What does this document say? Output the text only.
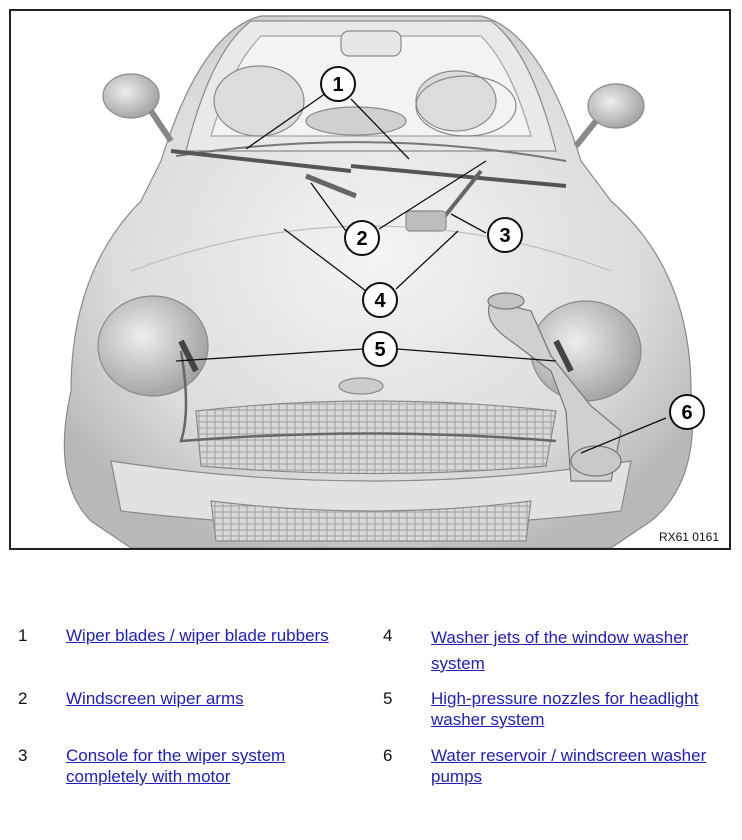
1
2	3
4
5
6
RX61 0161
1 Wiper blades / wiper blade rubbers
2 Windscreen wiper arms
3 Console for the wiper system completely with motor
4 Washer jets of the window washer system
5 High-pressure nozzles for headlight washer system
6 Water reservoir / windscreen washer pumps
